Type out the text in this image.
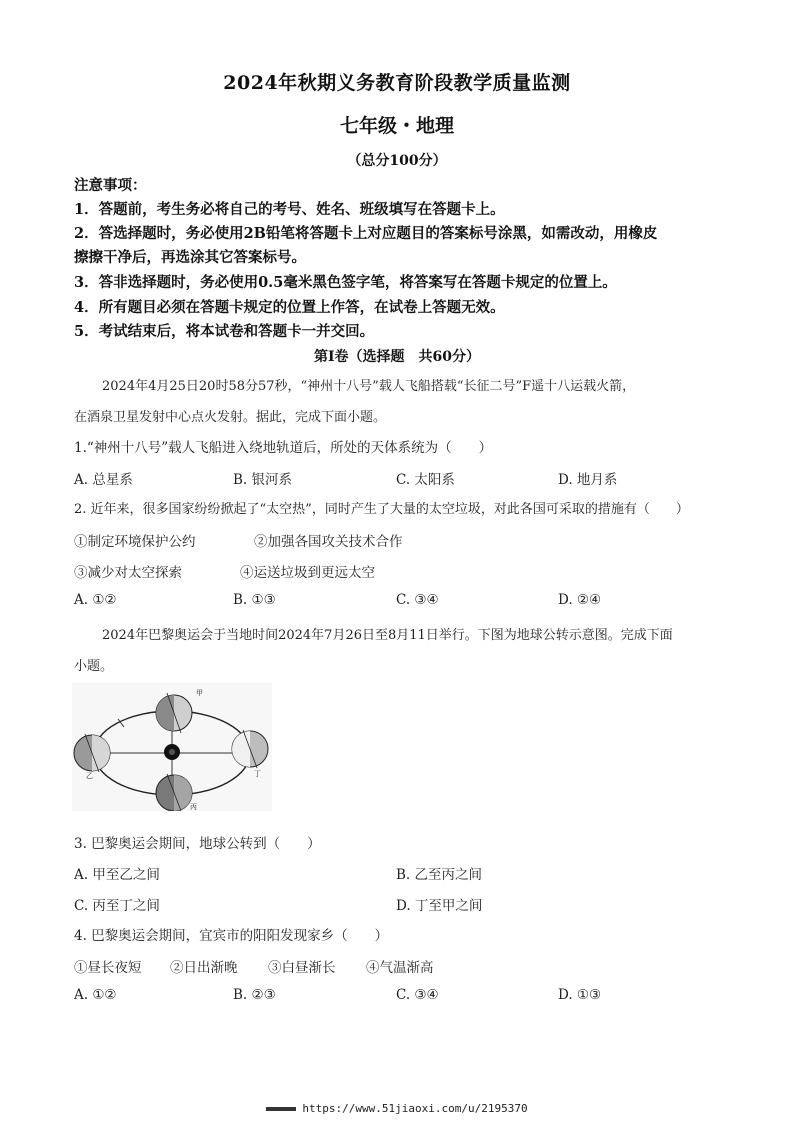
2024年秋期义务教育阶段教学质量监测
七年级・地理
（总分100分）
注意事项：
1．答题前，考生务必将自己的考号、姓名、班级填写在答题卡上。
2．答选择题时，务必使用2B铅笔将答题卡上对应题目的答案标号涂黑，如需改动，用橡皮
擦擦干净后，再选涂其它答案标号。
3．答非选择题时，务必使用0.5毫米黑色签字笔，将答案写在答题卡规定的位置上。
4．所有题目必须在答题卡规定的位置上作答，在试卷上答题无效。
5．考试结束后，将本试卷和答题卡一并交回。
第Ⅰ卷（选择题　共60分）
2024年4月25日20时58分57秒，“神州十八号”载人飞船搭载“长征二号”F遥十八运载火箭，
在酒泉卫星发射中心点火发射。据此，完成下面小题。
1.“神州十八号”载人飞船进入绕地轨道后，所处的天体系统为（　　）
A. 总星系	B. 银河系	C. 太阳系	D. 地月系
2. 近年来，很多国家纷纷掀起了“太空热”，同时产生了大量的太空垃圾，对此各国可采取的措施有（　　）
①制定环境保护公约	②加强各国攻关技术合作
③减少对太空探索	④运送垃圾到更远太空
A. ①②	B. ①③	C. ③④	D. ②④
2024年巴黎奥运会于当地时间2024年7月26日至8月11日举行。下图为地球公转示意图。完成下面
小题。
甲
乙
丙
丁
3. 巴黎奥运会期间，地球公转到（　　）
A. 甲至乙之间	B. 乙至丙之间
C. 丙至丁之间	D. 丁至甲之间
4. 巴黎奥运会期间，宜宾市的阳阳发现家乡（　　）
①昼长夜短 ②日出渐晚 ③白昼渐长 ④气温渐高
A. ①②	B. ②③	C. ③④	D. ①③
https://www.51jiaoxi.com/u/2195370
